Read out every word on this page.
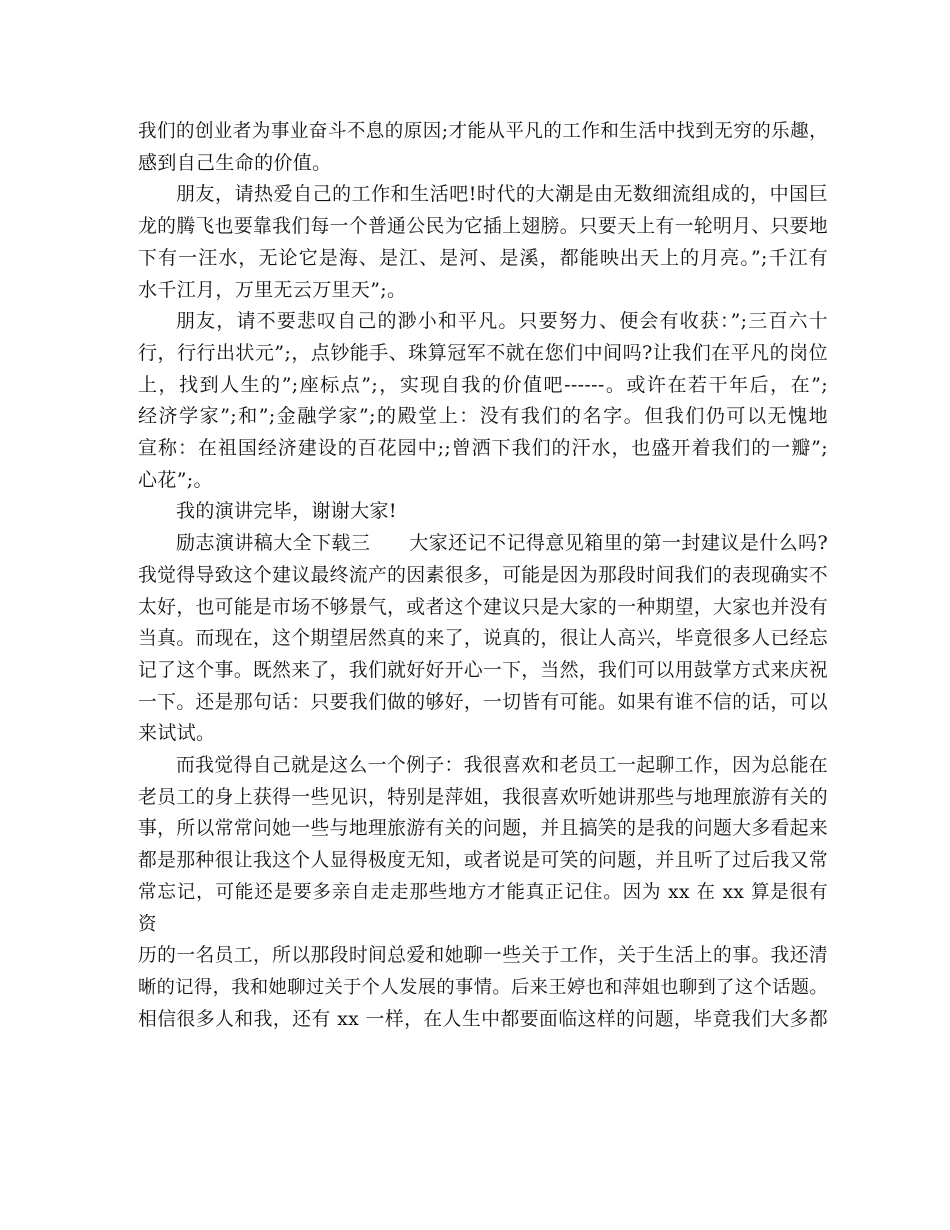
我们的创业者为事业奋斗不息的原因;才能从平凡的工作和生活中找到无穷的乐趣，
感到自己生命的价值。
朋友，请热爱自己的工作和生活吧!时代的大潮是由无数细流组成的，中国巨
龙的腾飞也要靠我们每一个普通公民为它插上翅膀。只要天上有一轮明月、只要地
下有一汪水，无论它是海、是江、是河、是溪，都能映出天上的月亮。”;千江有
水千江月，万里无云万里天”;。
朋友，请不要悲叹自己的渺小和平凡。只要努力、便会有收获：”;三百六十
行，行行出状元”;，点钞能手、珠算冠军不就在您们中间吗?让我们在平凡的岗位
上，找到人生的”;座标点”;，实现自我的价值吧------。或许在若干年后，在”;
经济学家”;和”;金融学家”;的殿堂上：没有我们的名字。但我们仍可以无愧地
宣称：在祖国经济建设的百花园中;;曾洒下我们的汗水，也盛开着我们的一瓣”;
心花”;。
我的演讲完毕，谢谢大家!
励志演讲稿大全下载三　　大家还记不记得意见箱里的第一封建议是什么吗?
我觉得导致这个建议最终流产的因素很多，可能是因为那段时间我们的表现确实不
太好，也可能是市场不够景气，或者这个建议只是大家的一种期望，大家也并没有
当真。而现在，这个期望居然真的来了，说真的，很让人高兴，毕竟很多人已经忘
记了这个事。既然来了，我们就好好开心一下，当然，我们可以用鼓掌方式来庆祝
一下。还是那句话：只要我们做的够好，一切皆有可能。如果有谁不信的话，可以
来试试。
而我觉得自己就是这么一个例子：我很喜欢和老员工一起聊工作，因为总能在
老员工的身上获得一些见识，特别是萍姐，我很喜欢听她讲那些与地理旅游有关的
事，所以常常问她一些与地理旅游有关的问题，并且搞笑的是我的问题大多看起来
都是那种很让我这个人显得极度无知，或者说是可笑的问题，并且听了过后我又常
常忘记，可能还是要多亲自走走那些地方才能真正记住。因为 xx 在 xx 算是很有资
历的一名员工，所以那段时间总爱和她聊一些关于工作，关于生活上的事。我还清
晰的记得，我和她聊过关于个人发展的事情。后来王婷也和萍姐也聊到了这个话题。
相信很多人和我，还有 xx 一样，在人生中都要面临这样的问题，毕竟我们大多都
